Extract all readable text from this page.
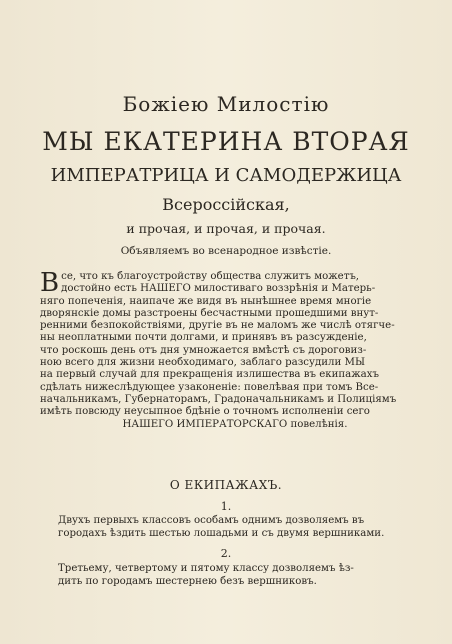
Божiею Милостiю
МЫ ЕКАТЕРИНА ВТОРАЯ
ИМПЕРАТРИЦА И САМОДЕРЖИЦА
Всероссiйская,
и прочая, и прочая, и прочая.
Объявляемъ во всенародное извѣстiе.
В се, что къ благоустройству общества служитъ можетъ,
достойно есть НАШЕГО милостиваго воззрѣнiя и Матерь-
няго попеченiя, наипаче же видя въ нынѣшнее время многiе
дворянскiе домы разстроены бесчастными прошедшими внут-
ренними безпокойствiями, другiе въ не маломъ же числѣ отягче-
ны неоплатными почти долгами, и принявъ въ разсужденiе,
что роскошь день отъ дня умножается вмѣстѣ съ дороговиз-
ною всего для жизни необходимаго, заблаго разсудили МЫ
на первый случай для прекращенiя излишества въ екипажахъ
сдѣлать нижеслѣдующее узаконенiе: повелѣвая при томъ Все-
начальникамъ, Губернаторамъ, Градоначальникамъ и Полицiямъ
имѣть повсюду неусыпное бдѣнiе о точномъ исполненiи сего
НАШЕГО ИМПЕРАТОРСКАГО повелѣнiя.
О ЕКИПАЖАХЪ.
1.
Двухъ первыхъ классовъ особамъ однимъ дозволяемъ въ
городахъ ѣздить шестью лошадьми и съ двумя вершниками.
2.
Третьему, четвертому и пятому классу дозволяемъ ѣз-
дить по городамъ шестернею безъ вершниковъ.
